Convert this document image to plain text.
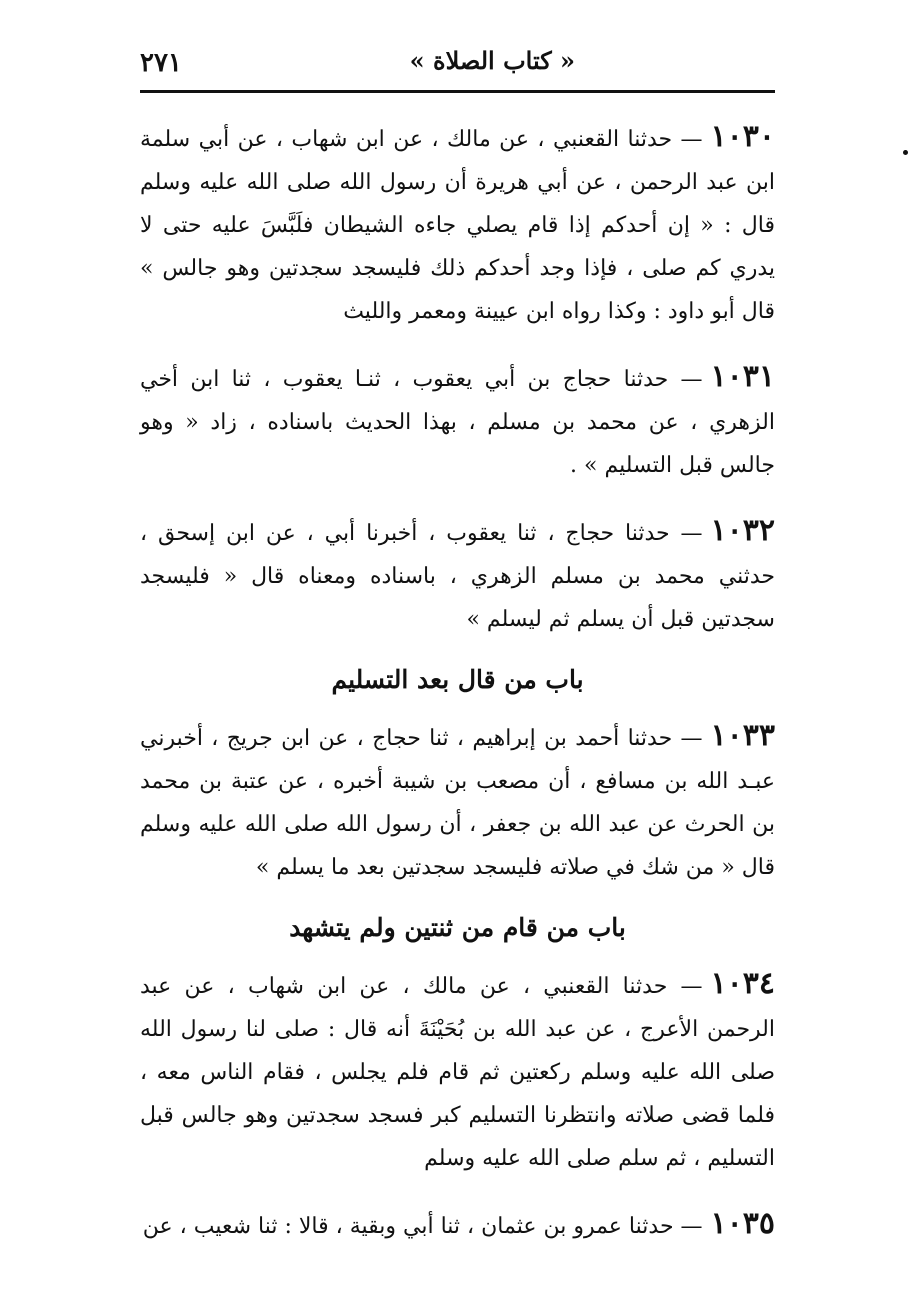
« كتاب الصلاة »
٢٧١

١٠٣٠— حدثنا القعنبي ، عن مالك ، عن ابن شهاب ، عن أبي سلمة ابن عبد الرحمن ، عن أبي هريرة أن رسول الله صلى الله عليه وسلم قال : « إن أحدكم إذا قام يصلي جاءه الشيطان فلَبَّسَ عليه حتى لا يدري كم صلى ، فإذا وجد أحدكم ذلك فليسجد سجدتين وهو جالس » قال أبو داود : وكذا رواه ابن عيينة ومعمر والليث

١٠٣١— حدثنا حجاج بن أبي يعقوب ، ثنـا يعقوب ، ثنا ابن أخي الزهري ، عن محمد بن مسلم ، بهذا الحديث باسناده ، زاد « وهو جالس قبل التسليم » .

١٠٣٢— حدثنا حجاج ، ثنا يعقوب ، أخبرنا أبي ، عن ابن إسحق ، حدثني محمد بن مسلم الزهري ، باسناده ومعناه قال « فليسجد سجدتين قبل أن يسلم ثم ليسلم »

باب من قال بعد التسليم

١٠٣٣— حدثنا أحمد بن إبراهيم ، ثنا حجاج ، عن ابن جريج ، أخبرني عبـد الله بن مسافع ، أن مصعب بن شيبة أخبره ، عن عتبة بن محمد بن الحرث عن عبد الله بن جعفر ، أن رسول الله صلى الله عليه وسلم قال « من شك في صلاته فليسجد سجدتين بعد ما يسلم »

باب من قام من ثنتين ولم يتشهد

١٠٣٤— حدثنا القعنبي ، عن مالك ، عن ابن شهاب ، عن عبد الرحمن الأعرج ، عن عبد الله بن بُحَيْنَةَ أنه قال : صلى لنا رسول الله صلى الله عليه وسلم ركعتين ثم قام فلم يجلس ، فقام الناس معه ، فلما قضى صلاته وانتظرنا التسليم كبر فسجد سجدتين وهو جالس قبل التسليم ، ثم سلم صلى الله عليه وسلم

١٠٣٥— حدثنا عمرو بن عثمان ، ثنا أبي وبقية ، قالا : ثنا شعيب ، عن
